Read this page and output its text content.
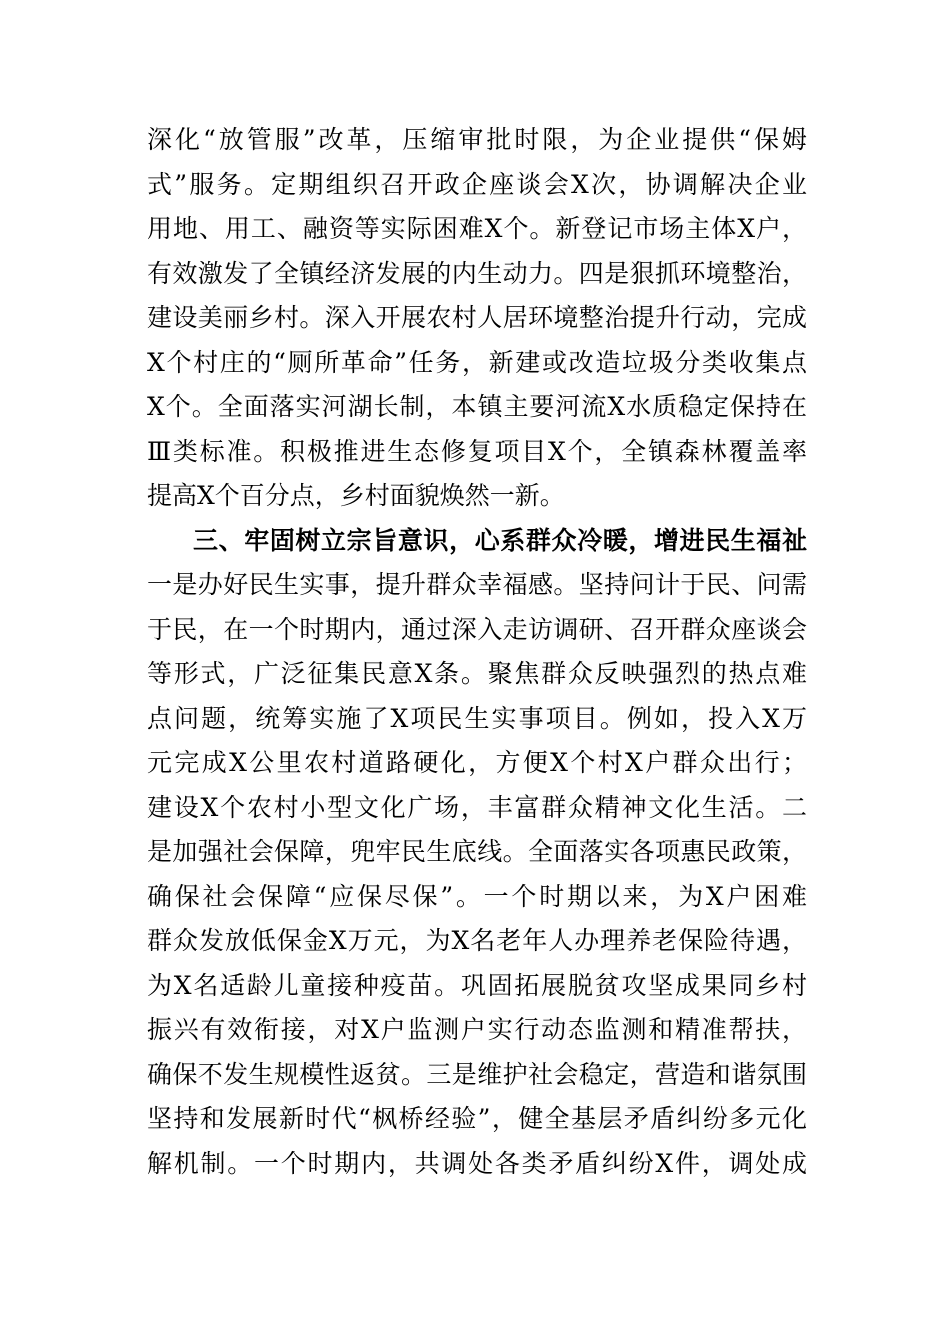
深化“放管服”改革，压缩审批时限，为企业提供“保姆
式”服务。定期组织召开政企座谈会X次，协调解决企业
用地、用工、融资等实际困难X个。新登记市场主体X户，
有效激发了全镇经济发展的内生动力。四是狠抓环境整治，
建设美丽乡村。深入开展农村人居环境整治提升行动，完成
X个村庄的“厕所革命”任务，新建或改造垃圾分类收集点
X个。全面落实河湖长制，本镇主要河流X水质稳定保持在
Ⅲ类标准。积极推进生态修复项目X个，全镇森林覆盖率
提高X个百分点，乡村面貌焕然一新。
三、牢固树立宗旨意识，心系群众冷暖，增进民生福祉
一是办好民生实事，提升群众幸福感。坚持问计于民、问需
于民，在一个时期内，通过深入走访调研、召开群众座谈会
等形式，广泛征集民意X条。聚焦群众反映强烈的热点难
点问题，统筹实施了X项民生实事项目。例如，投入X万
元完成X公里农村道路硬化，方便X个村X户群众出行；
建设X个农村小型文化广场，丰富群众精神文化生活。二
是加强社会保障，兜牢民生底线。全面落实各项惠民政策，
确保社会保障“应保尽保”。一个时期以来，为X户困难
群众发放低保金X万元，为X名老年人办理养老保险待遇，
为X名适龄儿童接种疫苗。巩固拓展脱贫攻坚成果同乡村
振兴有效衔接，对X户监测户实行动态监测和精准帮扶，
确保不发生规模性返贫。三是维护社会稳定，营造和谐氛围
坚持和发展新时代“枫桥经验”，健全基层矛盾纠纷多元化
解机制。一个时期内，共调处各类矛盾纠纷X件，调处成
